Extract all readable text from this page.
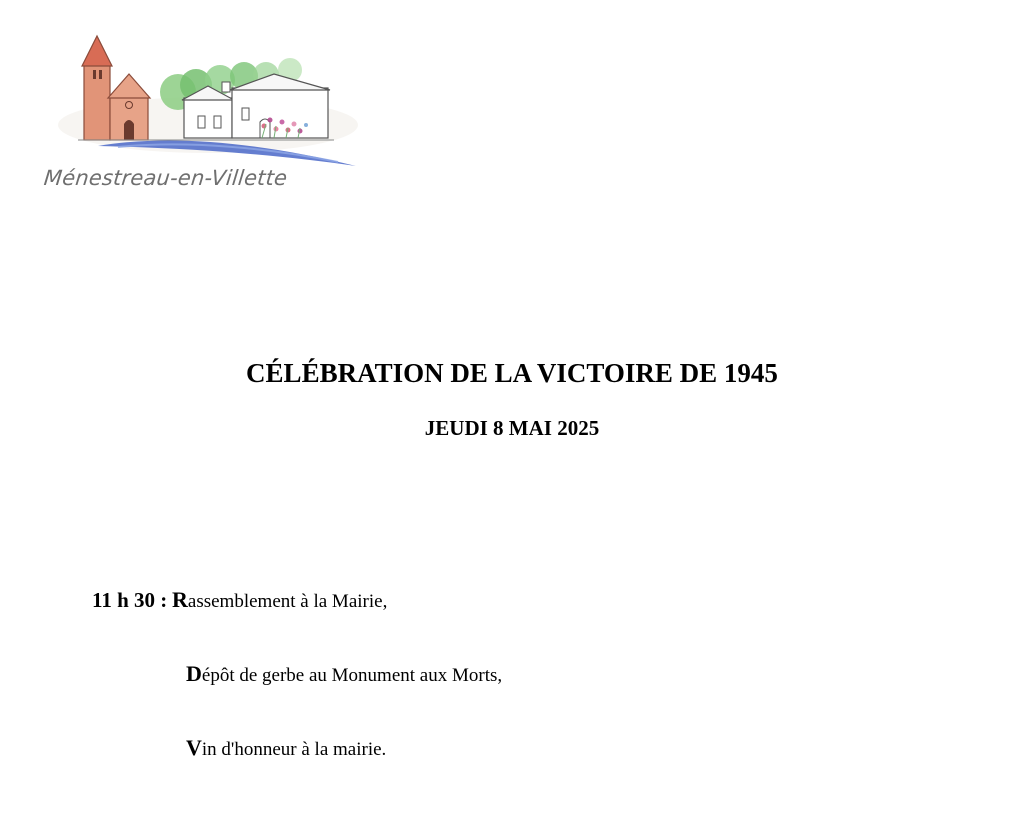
Ménestreau-en-Villette
CÉLÉBRATION DE LA VICTOIRE DE 1945
JEUDI 8 MAI 2025
11 h 30 : Rassemblement à la Mairie,
Dépôt de gerbe au Monument aux Morts,
Vin d'honneur à la mairie.
